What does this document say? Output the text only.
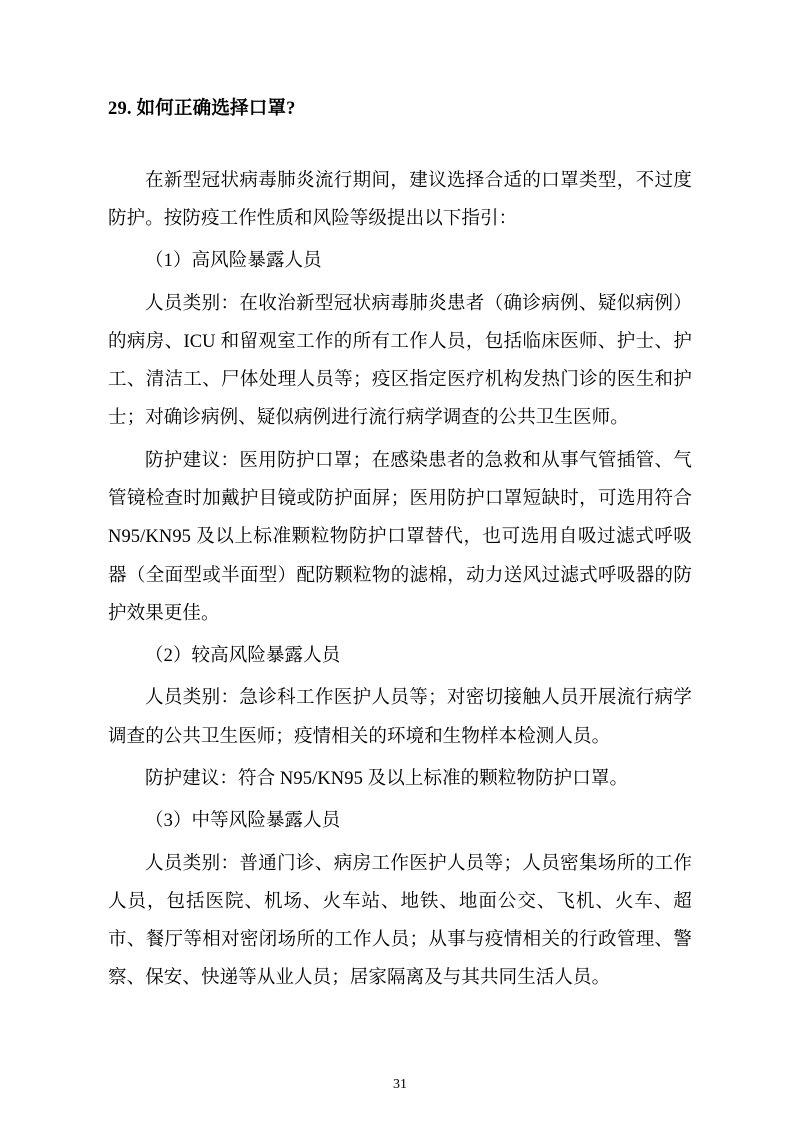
29. 如何正确选择口罩?

在新型冠状病毒肺炎流行期间，建议选择合适的口罩类型，不过度防护。按防疫工作性质和风险等级提出以下指引：

（1）高风险暴露人员

人员类别：在收治新型冠状病毒肺炎患者（确诊病例、疑似病例）的病房、ICU 和留观室工作的所有工作人员，包括临床医师、护士、护工、清洁工、尸体处理人员等；疫区指定医疗机构发热门诊的医生和护士；对确诊病例、疑似病例进行流行病学调查的公共卫生医师。

防护建议：医用防护口罩；在感染患者的急救和从事气管插管、气管镜检查时加戴护目镜或防护面屏；医用防护口罩短缺时，可选用符合 N95/KN95 及以上标准颗粒物防护口罩替代，也可选用自吸过滤式呼吸器（全面型或半面型）配防颗粒物的滤棉，动力送风过滤式呼吸器的防护效果更佳。

（2）较高风险暴露人员

人员类别：急诊科工作医护人员等；对密切接触人员开展流行病学调查的公共卫生医师；疫情相关的环境和生物样本检测人员。

防护建议：符合 N95/KN95 及以上标准的颗粒物防护口罩。

（3）中等风险暴露人员

人员类别：普通门诊、病房工作医护人员等；人员密集场所的工作人员，包括医院、机场、火车站、地铁、地面公交、飞机、火车、超市、餐厅等相对密闭场所的工作人员；从事与疫情相关的行政管理、警察、保安、快递等从业人员；居家隔离及与其共同生活人员。

31
